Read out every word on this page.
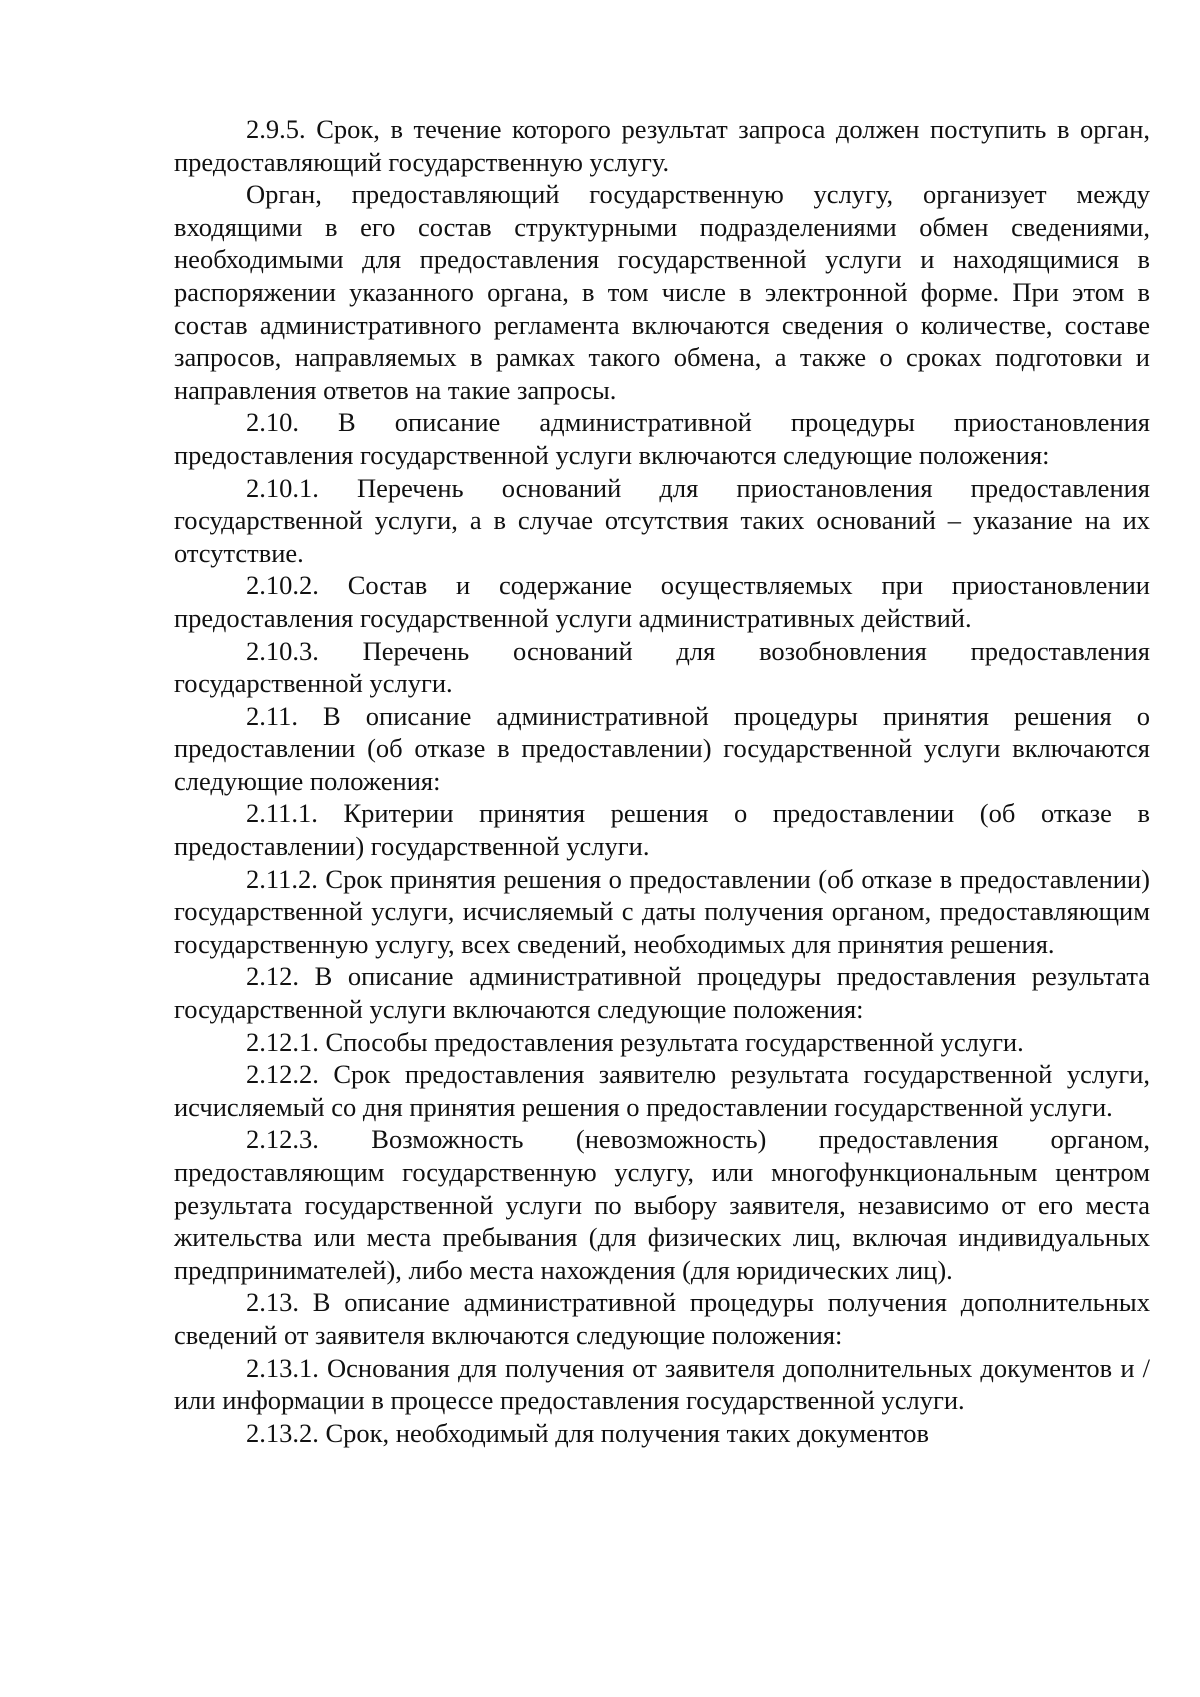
2.9.5. Срок, в течение которого результат запроса должен поступить в орган, предоставляющий государственную услугу.

Орган, предоставляющий государственную услугу, организует между входящими в его состав структурными подразделениями обмен сведениями, необходимыми для предоставления государственной услуги и находящимися в распоряжении указанного органа, в том числе в электронной форме. При этом в состав административного регламента включаются сведения о количестве, составе запросов, направляемых в рамках такого обмена, а также о сроках подготовки и направления ответов на такие запросы.

2.10. В описание административной процедуры приостановления предоставления государственной услуги включаются следующие положения:

2.10.1. Перечень оснований для приостановления предоставления государственной услуги, а в случае отсутствия таких оснований – указание на их отсутствие.

2.10.2. Состав и содержание осуществляемых при приостановлении предоставления государственной услуги административных действий.

2.10.3. Перечень оснований для возобновления предоставления государственной услуги.

2.11. В описание административной процедуры принятия решения о предоставлении (об отказе в предоставлении) государственной услуги включаются следующие положения:

2.11.1. Критерии принятия решения о предоставлении (об отказе в предоставлении) государственной услуги.

2.11.2. Срок принятия решения о предоставлении (об отказе в предоставлении) государственной услуги, исчисляемый с даты получения органом, предоставляющим государственную услугу, всех сведений, необходимых для принятия решения.

2.12. В описание административной процедуры предоставления результата государственной услуги включаются следующие положения:

2.12.1. Способы предоставления результата государственной услуги.

2.12.2. Срок предоставления заявителю результата государственной услуги, исчисляемый со дня принятия решения о предоставлении государственной услуги.

2.12.3. Возможность (невозможность) предоставления органом, предоставляющим государственную услугу, или многофункциональным центром результата государственной услуги по выбору заявителя, независимо от его места жительства или места пребывания (для физических лиц, включая индивидуальных предпринимателей), либо места нахождения (для юридических лиц).

2.13. В описание административной процедуры получения дополнительных сведений от заявителя включаются следующие положения:

2.13.1. Основания для получения от заявителя дополнительных документов и / или информации в процессе предоставления государственной услуги.

2.13.2. Срок, необходимый для получения таких документов
